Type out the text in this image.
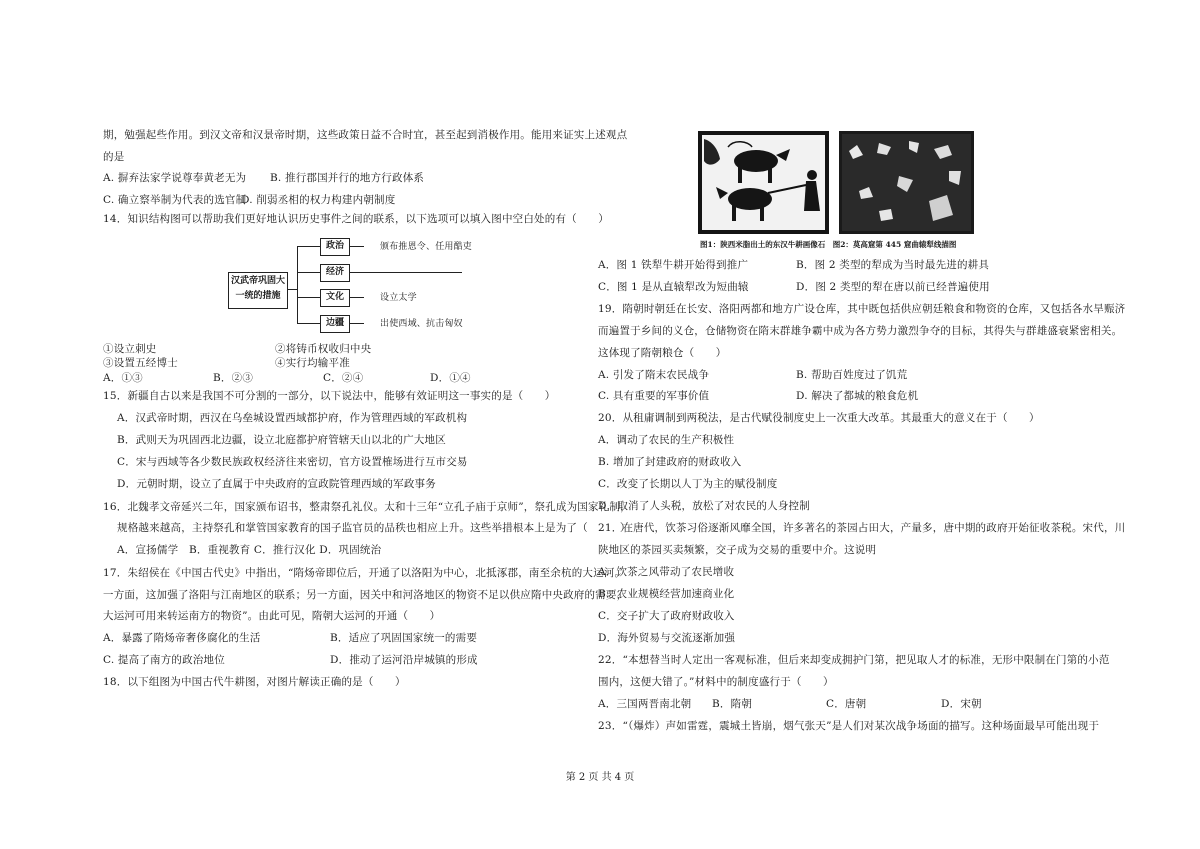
期，勉强起些作用。到汉文帝和汉景帝时期，这些政策日益不合时宜，甚至起到消极作用。能用来证实上述观点
的是
A. 摒弃法家学说尊奉黄老无为 B. 推行郡国并行的地方行政体系
C. 确立察举制为代表的选官制
D. 削弱丞相的权力构建内朝制度
14．知识结构图可以帮助我们更好地认识历史事件之间的联系，以下选项可以填入图中空白处的有（　　）
汉武帝巩固大
一统的措施
政治
经济
文化
边疆
颁布推恩令、任用酷吏
设立太学
出使西域、抗击匈奴
①设立刺史	②将铸币权收归中央
③设置五经博士	④实行均输平准
A．①③	B．②③	C．②④	D．①④
15．新疆自古以来是我国不可分割的一部分，以下说法中，能够有效证明这一事实的是（　　）
A．汉武帝时期，西汉在乌垒城设置西域都护府，作为管理西域的军政机构
B．武则天为巩固西北边疆，设立北庭都护府管辖天山以北的广大地区
C．宋与西域等各少数民族政权经济往来密切，官方设置榷场进行互市交易
D．元朝时期，设立了直属于中央政府的宣政院管理西域的军政事务
16．北魏孝文帝延兴二年，国家颁布诏书，整肃祭孔礼仪。太和十三年“立孔子庙于京师”，祭孔成为国家礼制，
规格越来越高，主持祭孔和掌管国家教育的国子监官员的品秩也相应上升。这些举措根本上是为了（　　　）
A．宣扬儒学　B．重视教育 C．推行汉化 D．巩固统治
17．朱绍侯在《中国古代史》中指出，“隋炀帝即位后，开通了以洛阳为中心，北抵涿郡，南至余杭的大运河。
一方面，这加强了洛阳与江南地区的联系；另一方面，因关中和河洛地区的物资不足以供应隋中央政府的需要，
大运河可用来转运南方的物资”。由此可见，隋朝大运河的开通（　　）
A．暴露了隋炀帝奢侈腐化的生活	B．适应了巩固国家统一的需要
C. 提高了南方的政治地位	D．推动了运河沿岸城镇的形成
18．以下组图为中国古代牛耕图，对图片解读正确的是（　　）
图1：陕西米脂出土的东汉牛耕画像石　图2：莫高窟第 445 窟曲辕犁线描图
A．图 1 铁犁牛耕开始得到推广	B．图 2 类型的犁成为当时最先进的耕具
C．图 1 是从直辕犁改为短曲辕	D．图 2 类型的犁在唐以前已经普遍使用
19．隋朝时朝廷在长安、洛阳两都和地方广设仓库，其中既包括供应朝廷粮食和物资的仓库，又包括各水旱赈济
而遍置于乡间的义仓，仓储物资在隋末群雄争霸中成为各方势力激烈争夺的目标，其得失与群雄盛衰紧密相关。
这体现了隋朝粮仓（　　）
A. 引发了隋末农民战争	B. 帮助百姓度过了饥荒
C. 具有重要的军事价值	D. 解决了都城的粮食危机
20．从租庸调制到两税法，是古代赋役制度史上一次重大改革。其最重大的意义在于（　　）
A．调动了农民的生产积极性
B. 增加了封建政府的财政收入
C．改变了长期以人丁为主的赋役制度
D．取消了人头税，放松了对农民的人身控制
21．在唐代，饮茶习俗逐渐风靡全国，许多著名的茶园占田大，产量多，唐中期的政府开始征收茶税。宋代，川
陕地区的茶园买卖频繁，交子成为交易的重要中介。这说明
A．饮茶之风带动了农民增收
B．农业规模经营加速商业化
C．交子扩大了政府财政收入
D．海外贸易与交流逐渐加强
22．“本想替当时人定出一客观标准，但后来却变成拥护门第，把见取人才的标准，无形中限制在门第的小范
围内，这便大错了。”材料中的制度盛行于（　　）
A．三国两晋南北朝 B．隋朝	C．唐朝	D．宋朝
23．“（爆炸）声如雷霆，震城土皆崩，烟气张天”是人们对某次战争场面的描写。这种场面最早可能出现于
第 2 页 共 4 页
